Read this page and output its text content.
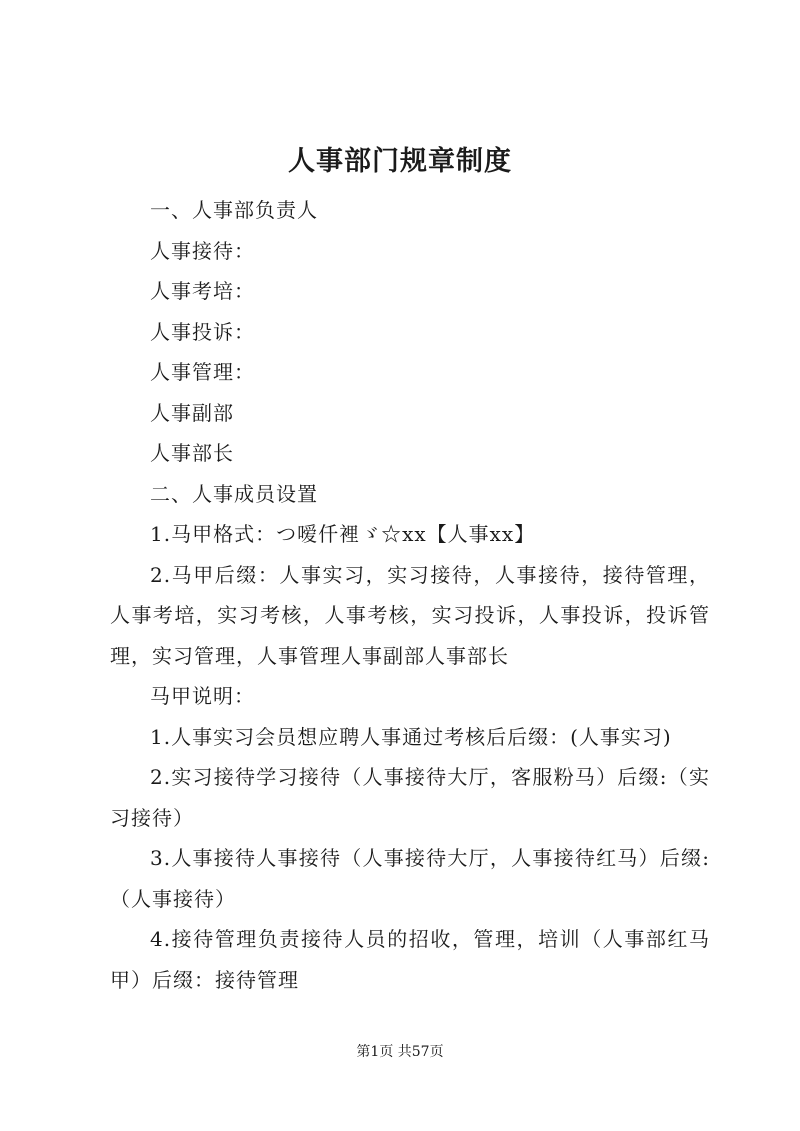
人事部门规章制度

一、人事部负责人

人事接待：

人事考培：

人事投诉：

人事管理：

人事副部

人事部长

二、人事成员设置

1.马甲格式：つ嗳仟裡ゞ☆xx【人事xx】

2.马甲后缀：人事实习，实习接待，人事接待，接待管理，人事考培，实习考核，人事考核，实习投诉，人事投诉，投诉管理，实习管理，人事管理人事副部人事部长

马甲说明：

1.人事实习会员想应聘人事通过考核后后缀：(人事实习)

2.实习接待学习接待（人事接待大厅，客服粉马）后缀:（实习接待）

3.人事接待人事接待（人事接待大厅，人事接待红马）后缀:（人事接待）

4.接待管理负责接待人员的招收，管理，培训（人事部红马甲）后缀：接待管理

第1页 共57页
